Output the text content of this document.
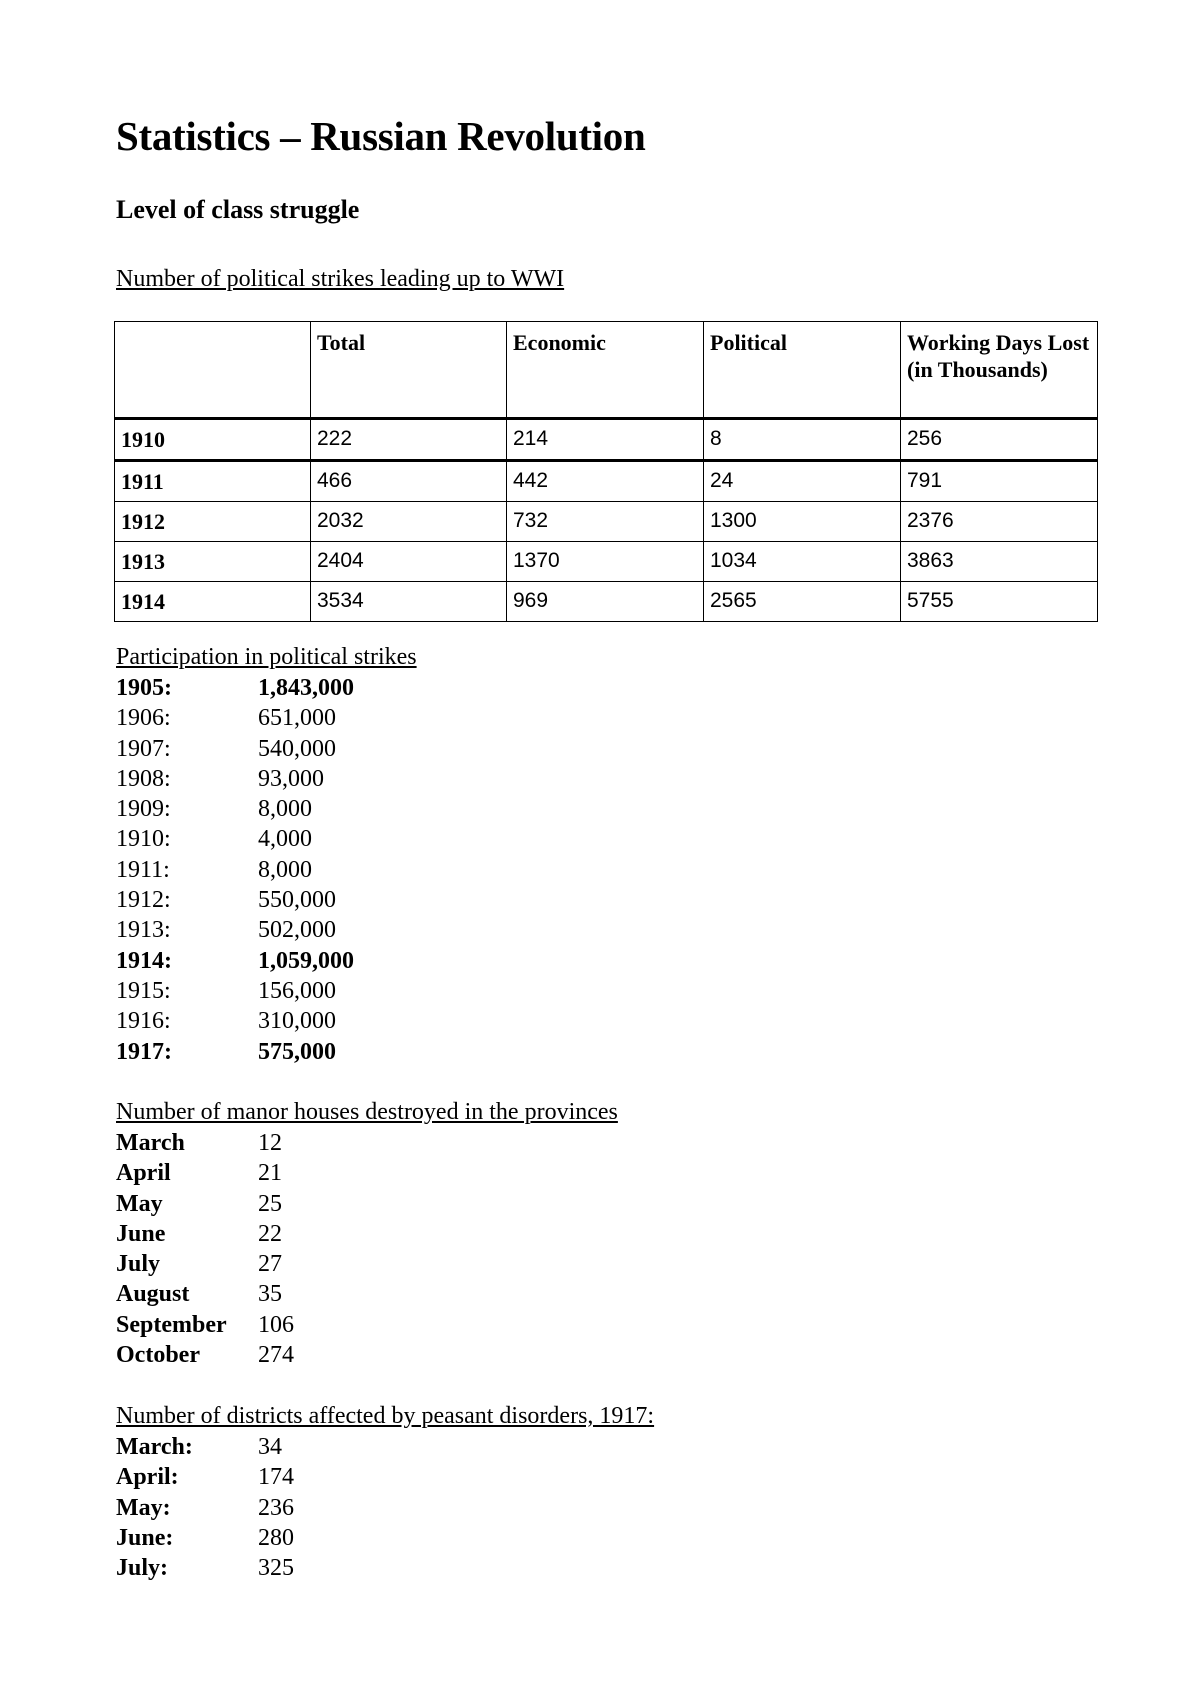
Statistics – Russian Revolution
Level of class struggle

Number of political strikes leading up to WWI

	Total	Economic	Political	Working Days Lost (in Thousands)
1910	222	214	8	256
1911	466	442	24	791
1912	2032	732	1300	2376
1913	2404	1370	1034	3863
1914	3534	969	2565	5755

Participation in political strikes

1905:	1,843,000
1906:	651,000
1907:	540,000
1908:	93,000
1909:	8,000
1910:	4,000
1911:	8,000
1912:	550,000
1913:	502,000
1914:	1,059,000
1915:	156,000
1916:	310,000
1917:	575,000

Number of manor houses destroyed in the provinces

March	12
April	21
May	25
June	22
July	27
August	35
September 106
October 274

Number of districts affected by peasant disorders, 1917:

March:	34
April:	174
May:	236
June:	280
July:	325
